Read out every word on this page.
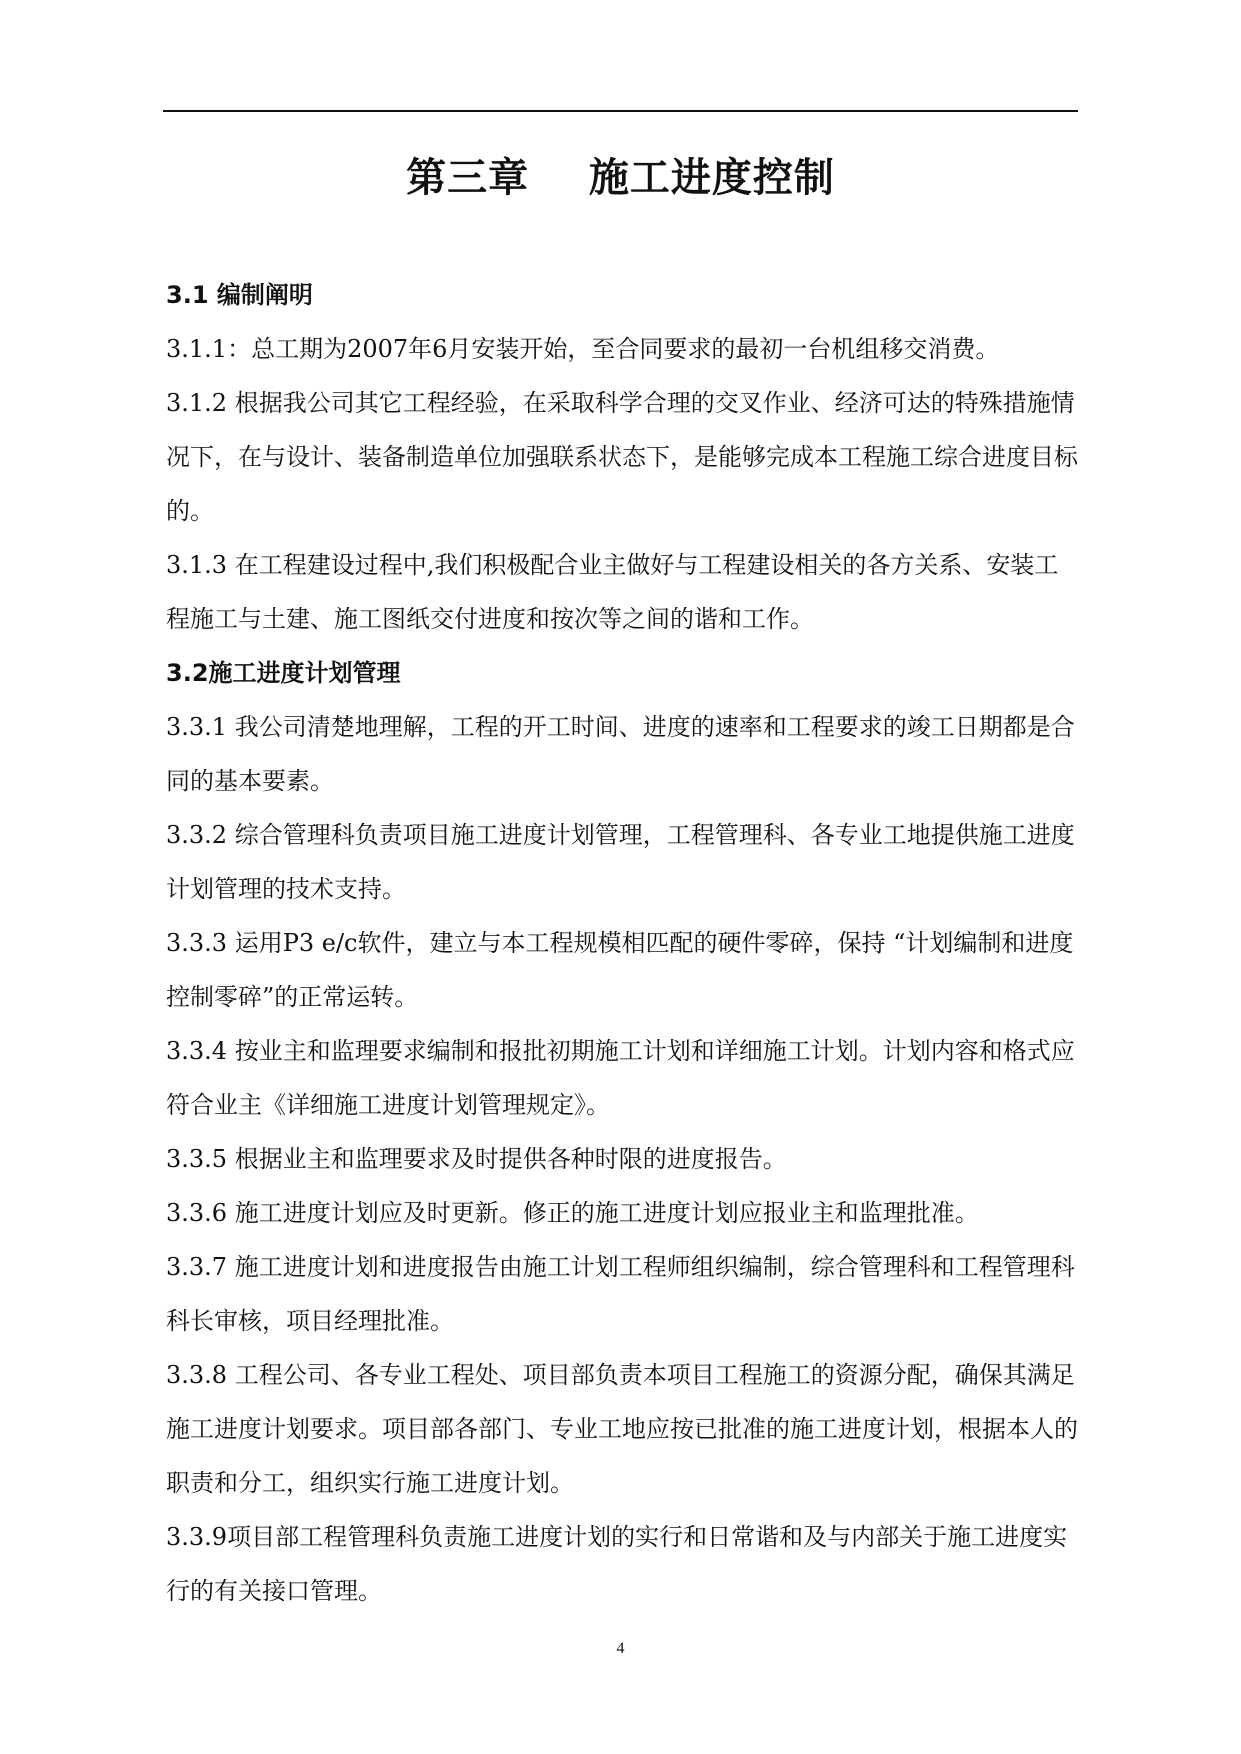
第三章    施工进度控制
3.1 编制阐明

3.1.1：总工期为2007年6月安装开始，至合同要求的最初一台机组移交消费。

3.1.2 根据我公司其它工程经验，在采取科学合理的交叉作业、经济可达的特殊措施情况下，在与设计、装备制造单位加强联系状态下，是能够完成本工程施工综合进度目标的。

3.1.3 在工程建设过程中,我们积极配合业主做好与工程建设相关的各方关系、安装工程施工与土建、施工图纸交付进度和按次等之间的谐和工作。

3.2施工进度计划管理

3.3.1 我公司清楚地理解，工程的开工时间、进度的速率和工程要求的竣工日期都是合同的基本要素。

3.3.2 综合管理科负责项目施工进度计划管理，工程管理科、各专业工地提供施工进度计划管理的技术支持。

3.3.3 运用P3 e/c软件，建立与本工程规模相匹配的硬件零碎，保持 “计划编制和进度控制零碎”的正常运转。

3.3.4 按业主和监理要求编制和报批初期施工计划和详细施工计划。计划内容和格式应符合业主《详细施工进度计划管理规定》。

3.3.5 根据业主和监理要求及时提供各种时限的进度报告。

3.3.6 施工进度计划应及时更新。修正的施工进度计划应报业主和监理批准。

3.3.7 施工进度计划和进度报告由施工计划工程师组织编制，综合管理科和工程管理科科长审核，项目经理批准。

3.3.8 工程公司、各专业工程处、项目部负责本项目工程施工的资源分配，确保其满足施工进度计划要求。项目部各部门、专业工地应按已批准的施工进度计划，根据本人的职责和分工，组织实行施工进度计划。

3.3.9项目部工程管理科负责施工进度计划的实行和日常谐和及与内部关于施工进度实行的有关接口管理。

4
